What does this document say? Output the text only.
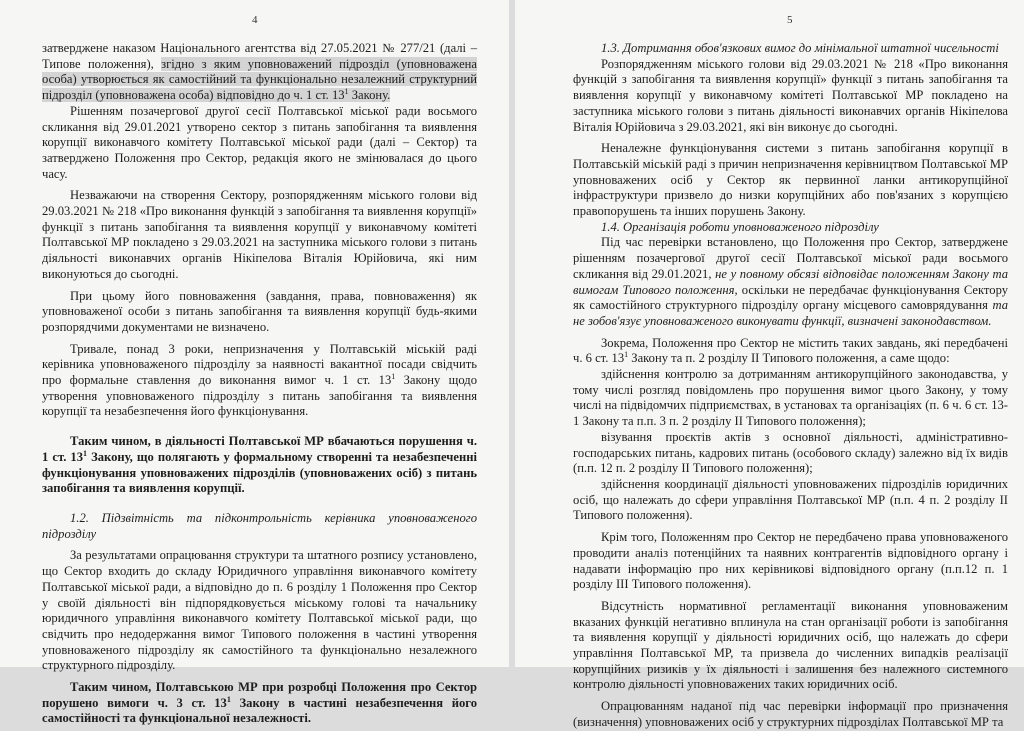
4

затверджене наказом Національного агентства від 27.05.2021 № 277/21 (далі – Типове положення), згідно з яким уповноважений підрозділ (уповноважена особа) утворюється як самостійний та функціонально незалежний структурний підрозділ (уповноважена особа) відповідно до ч. 1 ст. $13^1$ Закону.

Рішенням позачергової другої сесії Полтавської міської ради восьмого скликання від 29.01.2021 утворено сектор з питань запобігання та виявлення корупції виконавчого комітету Полтавської міської ради (далі – Сектор) та затверджено Положення про Сектор, редакція якого не змінювалася до цього часу.

Незважаючи на створення Сектору, розпорядженням міського голови від 29.03.2021 № 218 «Про виконання функцій з запобігання та виявлення корупції» функції з питань запобігання та виявлення корупції у виконавчому комітеті Полтавської МР покладено з 29.03.2021 на заступника міського голови з питань діяльності виконавчих органів Нікіпелова Віталія Юрійовича, які ним виконуються до сьогодні.

При цьому його повноваження (завдання, права, повноваження) як уповноваженої особи з питань запобігання та виявлення корупції будь-якими розпорядчими документами не визначено.

Тривале, понад 3 роки, непризначення у Полтавській міській раді керівника уповноваженого підрозділу за наявності вакантної посади свідчить про формальне ставлення до виконання вимог ч. 1 ст. $13^1$ Закону щодо утворення уповноваженого підрозділу з питань запобігання та виявлення корупції та незабезпечення його функціонування.

Таким чином, в діяльності Полтавської МР вбачаються порушення ч. 1 ст. $13^1$ Закону, що полягають у формальному створенні та незабезпеченні функціонування уповноважених підрозділів (уповноважених осіб) з питань запобігання та виявлення корупції.

1.2. Підзвітність та підконтрольність керівника уповноваженого підрозділу

За результатами опрацювання структури та штатного розпису установлено, що Сектор входить до складу Юридичного управління виконавчого комітету Полтавської міської ради, а відповідно до п. 6 розділу 1 Положення про Сектор у своїй діяльності він підпорядковується міському голові та начальнику юридичного управління виконавчого комітету Полтавської міської ради, що свідчить про недодержання вимог Типового положення в частині утворення уповноваженого підрозділу як самостійного та функціонально незалежного структурного підрозділу.

Таким чином, Полтавською МР при розробці Положення про Сектор порушено вимоги ч. 3 ст. $13^1$ Закону в частині незабезпечення його самостійності та функціональної незалежності.

5

1.3. Дотримання обов'язкових вимог до мінімальної штатної чисельності

Розпорядженням міського голови від 29.03.2021 № 218 «Про виконання функцій з запобігання та виявлення корупції» функції з питань запобігання та виявлення корупції у виконавчому комітеті Полтавської МР покладено на заступника міського голови з питань діяльності виконавчих органів Нікіпелова Віталія Юрійовича з 29.03.2021, які він виконує до сьогодні.

Неналежне функціонування системи з питань запобігання корупції в Полтавській міській раді з причин непризначення керівництвом Полтавської МР уповноважених осіб у Сектор як первинної ланки антикорупційної інфраструктури призвело до низки корупційних або пов'язаних з корупцією правопорушень та інших порушень Закону.

1.4. Організація роботи уповноваженого підрозділу

Під час перевірки встановлено, що Положення про Сектор, затверджене рішенням позачергової другої сесії Полтавської міської ради восьмого скликання від 29.01.2021, не у повному обсязі відповідає положенням Закону та вимогам Типового положення, оскільки не передбачає функціонування Сектору як самостійного структурного підрозділу органу місцевого самоврядування та не зобов'язує уповноваженого виконувати функції, визначені законодавством.

Зокрема, Положення про Сектор не містить таких завдань, які передбачені ч. 6 ст. $13^1$ Закону та п. 2 розділу II Типового положення, а саме щодо:

здійснення контролю за дотриманням антикорупційного законодавства, у тому числі розгляд повідомлень про порушення вимог цього Закону, у тому числі на підвідомчих підприємствах, в установах та організаціях (п. 6 ч. 6 ст. 13-1 Закону та п.п. 3 п. 2 розділу II Типового положення);

візування проєктів актів з основної діяльності, адміністративно-господарських питань, кадрових питань (особового складу) залежно від їх видів (п.п. 12 п. 2 розділу II Типового положення);

здійснення координації діяльності уповноважених підрозділів юридичних осіб, що належать до сфери управління Полтавської МР (п.п. 4 п. 2 розділу II Типового положення).

Крім того, Положенням про Сектор не передбачено права уповноваженого проводити аналіз потенційних та наявних контрагентів відповідного органу і надавати інформацію про них керівникові відповідного органу (п.п.12 п. 1 розділу III Типового положення).

Відсутність нормативної регламентації виконання уповноваженим вказаних функцій негативно вплинула на стан організації роботи із запобігання та виявлення корупції у діяльності юридичних осіб, що належать до сфери управління Полтавської МР, та призвела до численних випадків реалізації корупційних ризиків у їх діяльності і залишення без належного системного контролю діяльності уповноважених таких юридичних осіб.

Опрацюванням наданої під час перевірки інформації про призначення (визначення) уповноважених осіб у структурних підрозділах Полтавської МР та
